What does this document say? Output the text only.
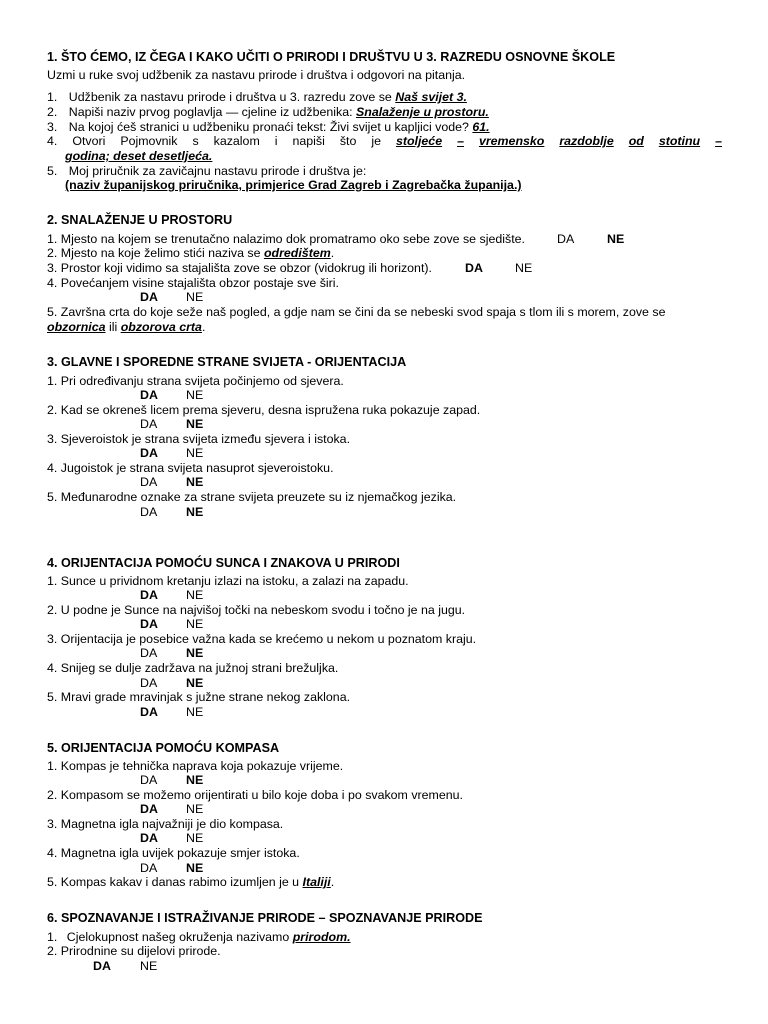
1. ŠTO ĆEMO, IZ ČEGA I KAKO UČITI O PRIRODI I DRUŠTVU U 3. RAZREDU OSNOVNE ŠKOLE
Uzmi u ruke svoj udžbenik za nastavu prirode i društva i odgovori na pitanja.
1. Udžbenik za nastavu prirode i društva u 3. razredu zove se Naš svijet 3.
2. Napiši naziv prvog poglavlja — cjeline iz udžbenika: Snalaženje u prostoru.
3. Na kojoj ćeš stranici u udžbeniku pronaći tekst: Živi svijet u kapljici vode? 61.
4. Otvori Pojmovnik s kazalom i napiši što je stoljeće – vremensko razdoblje od stotinu –
godina; deset desetljeća.
5. Moj priručnik za zavičajnu nastavu prirode i društva je:
(naziv županijskog priručnika, primjerice Grad Zagreb i Zagrebačka županija.)
2. SNALAŽENJE U PROSTORU
1. Mjesto na kojem se trenutačno nalazimo dok promatramo oko sebe zove se sjedište.	DA	NE
2. Mjesto na koje želimo stići naziva se odredištem.
3. Prostor koji vidimo sa stajališta zove se obzor (vidokrug ili horizont).	DA	NE
4. Povećanjem visine stajališta obzor postaje sve širi.
DA NE
5. Završna crta do koje seže naš pogled, a gdje nam se čini da se nebeski svod spaja s tlom ili s morem, zove se
obzornica ili obzorova crta.
3. GLAVNE I SPOREDNE STRANE SVIJETA - ORIJENTACIJA
1. Pri određivanju strana svijeta počinjemo od sjevera.
DA NE
2. Kad se okreneš licem prema sjeveru, desna ispružena ruka pokazuje zapad.
DA NE
3. Sjeveroistok je strana svijeta između sjevera i istoka.
DA NE
4. Jugoistok je strana svijeta nasuprot sjeveroistoku.
DA NE
5. Međunarodne oznake za strane svijeta preuzete su iz njemačkog jezika.
DA NE
4. ORIJENTACIJA POMOĆU SUNCA I ZNAKOVA U PRIRODI
1. Sunce u prividnom kretanju izlazi na istoku, a zalazi na zapadu.
DA NE
2. U podne je Sunce na najvišoj točki na nebeskom svodu i točno je na jugu.
DA NE
3. Orijentacija je posebice važna kada se krećemo u nekom u poznatom kraju.
DA NE
4. Snijeg se dulje zadržava na južnoj strani brežuljka.
DA NE
5. Mravi grade mravinjak s južne strane nekog zaklona.
DA NE
5. ORIJENTACIJA POMOĆU KOMPASA
1. Kompas je tehnička naprava koja pokazuje vrijeme.
DA NE
2. Kompasom se možemo orijentirati u bilo koje doba i po svakom vremenu.
DA NE
3. Magnetna igla najvažniji je dio kompasa.
DA NE
4. Magnetna igla uvijek pokazuje smjer istoka.
DA NE
5. Kompas kakav i danas rabimo izumljen je u Italiji.
6. SPOZNAVANJE I ISTRAŽIVANJE PRIRODE – SPOZNAVANJE PRIRODE
1. Cjelokupnost našeg okruženja nazivamo prirodom.
2. Prirodnine su dijelovi prirode.
DA NE
